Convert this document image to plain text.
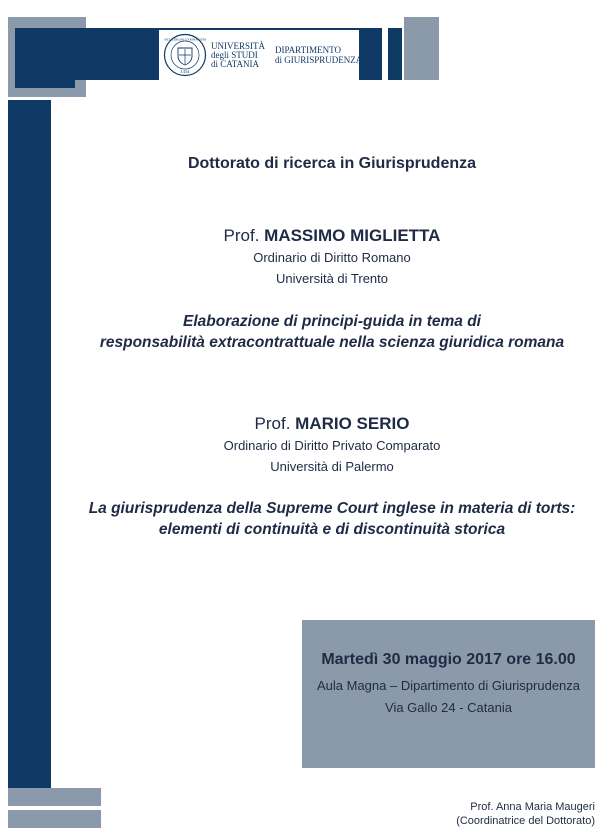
1434
SICULORUM GYMNASIUM
UNIVERSITÀ
degli STUDI
di CATANIA
DIPARTIMENTO
di GIURISPRUDENZA
Dottorato di ricerca in Giurisprudenza
Prof. MASSIMO MIGLIETTA
Ordinario di Diritto Romano
Università di Trento
Elaborazione di principi-guida in tema di
responsabilità extracontrattuale nella scienza giuridica romana
Prof. MARIO SERIO
Ordinario di Diritto Privato Comparato
Università di Palermo
La giurisprudenza della Supreme Court inglese in materia di torts:
elementi di continuità e di discontinuità storica
Martedì 30 maggio 2017 ore 16.00
Aula Magna – Dipartimento di Giurisprudenza
Via Gallo 24 - Catania
Prof. Anna Maria Maugeri
(Coordinatrice del Dottorato)
